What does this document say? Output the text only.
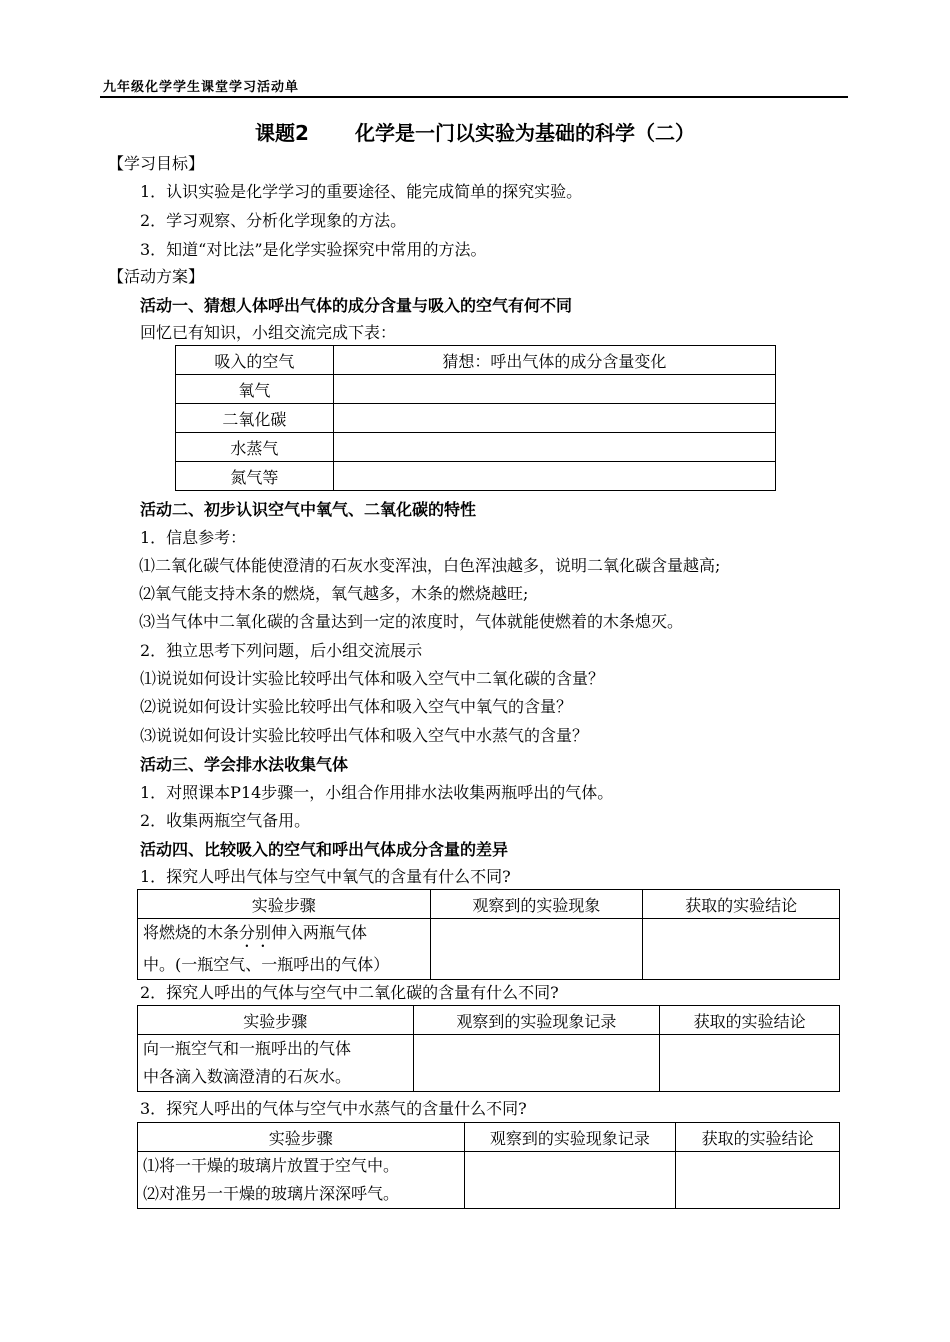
九年级化学学生课堂学习活动单
课题2 化学是一门以实验为基础的科学（二）
【学习目标】
1．认识实验是化学学习的重要途径、能完成简单的探究实验。
2．学习观察、分析化学现象的方法。
3．知道“对比法”是化学实验探究中常用的方法。
【活动方案】
活动一、猜想人体呼出气体的成分含量与吸入的空气有何不同
回忆已有知识，小组交流完成下表：
吸入的空气	猜想：呼出气体的成分含量变化
氧气	
二氧化碳	
水蒸气	
氮气等	
活动二、初步认识空气中氧气、二氧化碳的特性
1．信息参考：
⑴二氧化碳气体能使澄清的石灰水变浑浊，白色浑浊越多，说明二氧化碳含量越高;
⑵氧气能支持木条的燃烧，氧气越多，木条的燃烧越旺;
⑶当气体中二氧化碳的含量达到一定的浓度时，气体就能使燃着的木条熄灭。
2．独立思考下列问题，后小组交流展示
⑴说说如何设计实验比较呼出气体和吸入空气中二氧化碳的含量？
⑵说说如何设计实验比较呼出气体和吸入空气中氧气的含量？
⑶说说如何设计实验比较呼出气体和吸入空气中水蒸气的含量？
活动三、学会排水法收集气体
1．对照课本P14步骤一，小组合作用排水法收集两瓶呼出的气体。
2．收集两瓶空气备用。
活动四、比较吸入的空气和呼出气体成分含量的差异
1．探究人呼出气体与空气中氧气的含量有什么不同?
实验步骤	观察到的实验现象	获取的实验结论

将燃烧的木条分别伸入两瓶气体
中。(一瓶空气、一瓶呼出的气体）		

2．探究人呼出的气体与空气中二氧化碳的含量有什么不同?
实验步骤	观察到的实验现象记录	获取的实验结论

向一瓶空气和一瓶呼出的气体
中各滴入数滴澄清的石灰水。		

3．探究人呼出的气体与空气中水蒸气的含量什么不同?
实验步骤	观察到的实验现象记录	获取的实验结论

⑴将一干燥的玻璃片放置于空气中。
⑵对准另一干燥的玻璃片深深呼气。		
